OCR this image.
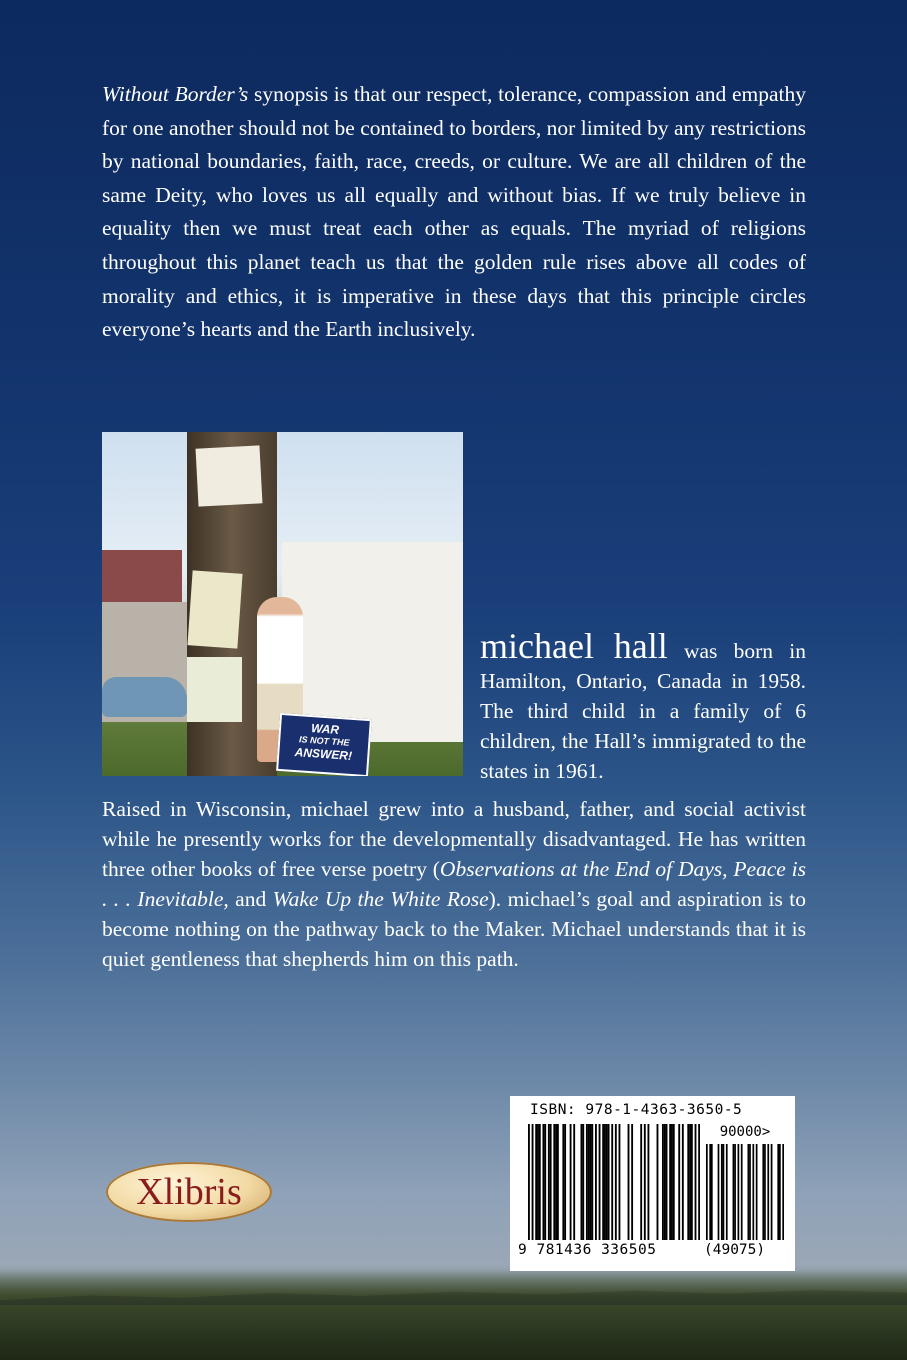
Without Border’s synopsis is that our respect, tolerance, compassion and empathy for one another should not be contained to borders, nor limited by any restrictions by national boundaries, faith, race, creeds, or culture. We are all children of the same Deity, who loves us all equally and without bias. If we truly believe in equality then we must treat each other as equals. The myriad of religions throughout this planet teach us that the golden rule rises above all codes of morality and ethics, it is imperative in these days that this principle circles everyone’s hearts and the Earth inclusively.

WAR
IS NOT THE
ANSWER!

michael hall was born in Hamilton, Ontario, Canada in 1958. The third child in a family of 6 children, the Hall’s immigrated to the states in 1961.

Raised in Wisconsin, michael grew into a husband, father, and social activist while he presently works for the developmentally disadvantaged. He has written three other books of free verse poetry (Observations at the End of Days, Peace is . . . Inevitable, and Wake Up the White Rose). michael’s goal and aspiration is to become nothing on the pathway back to the Maker. Michael understands that it is quiet gentleness that shepherds him on this path.

Xlibris
ISBN: 978-1-4363-3650-5
90000>
9 781436 336505	(49075)
